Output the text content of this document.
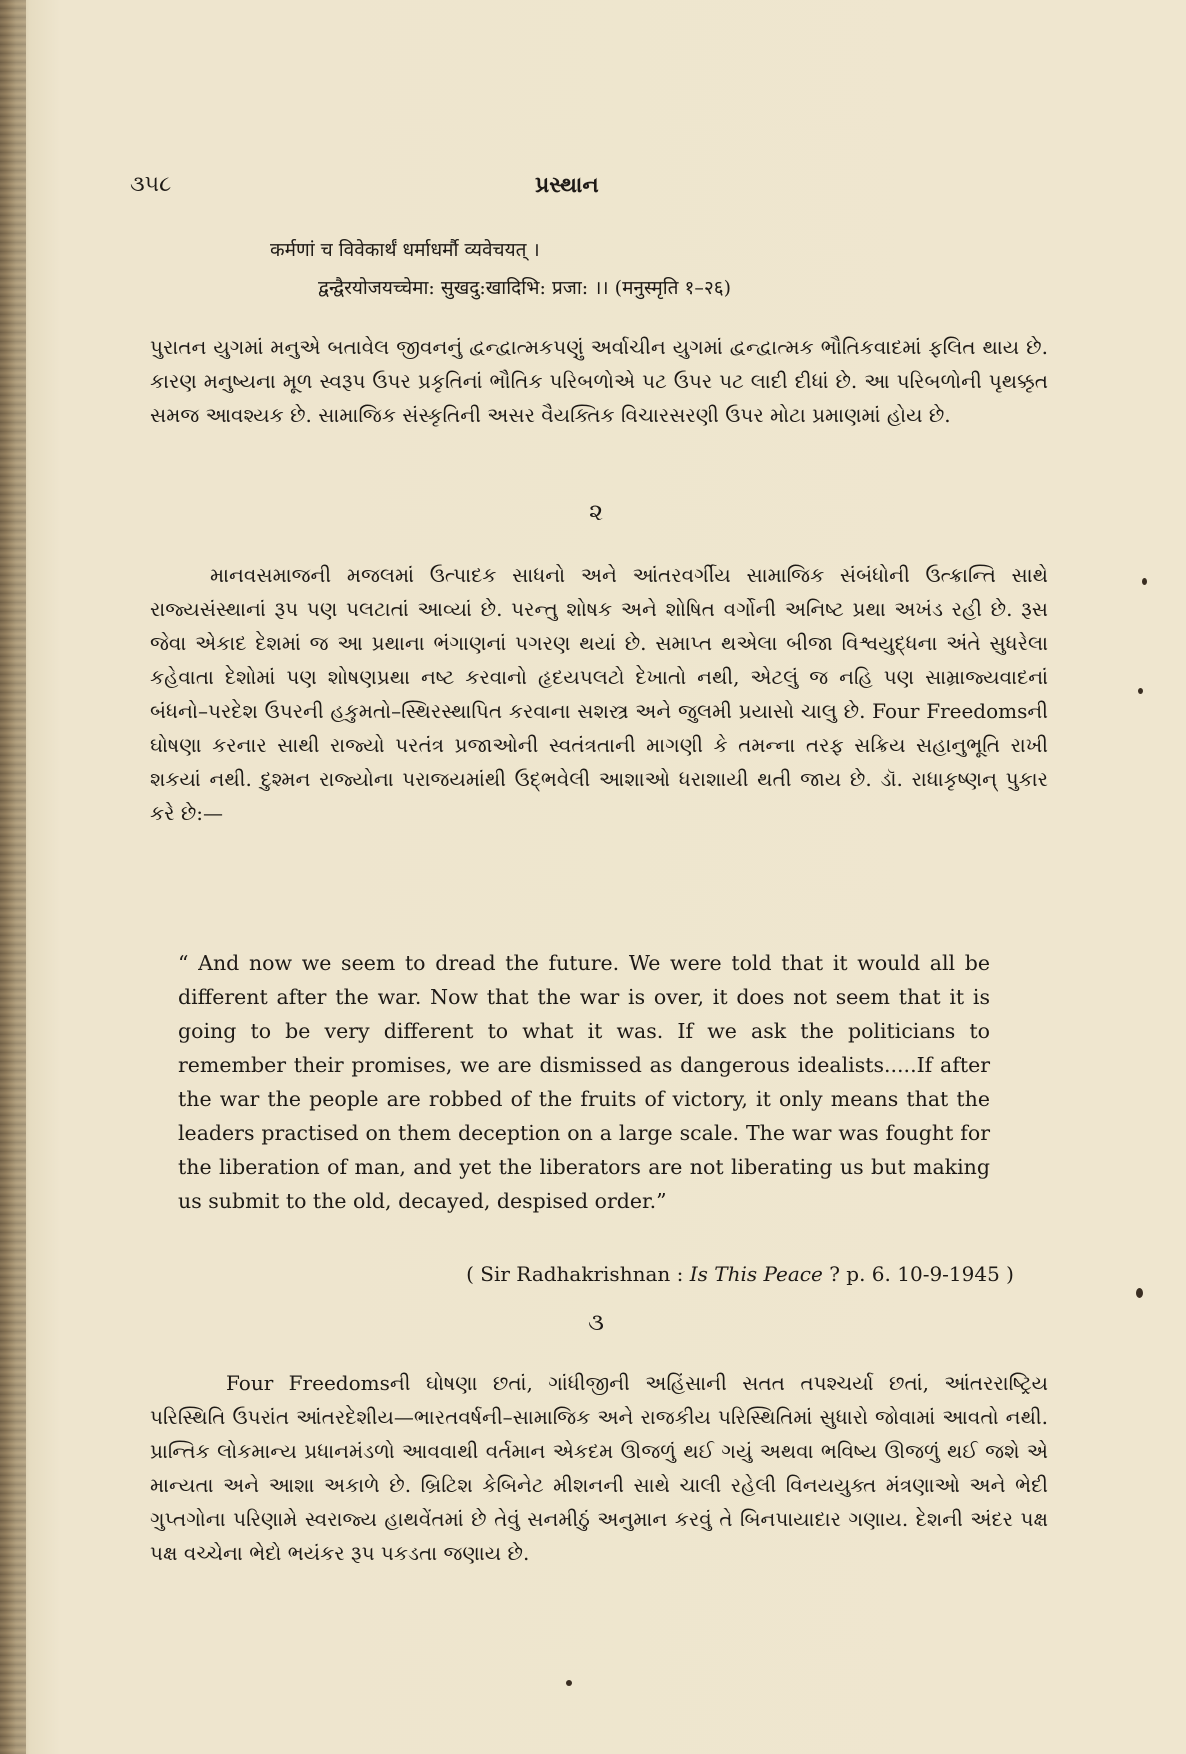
૩૫૮	પ્રસ્થાન
कर्मणां च विवेकार्थं धर्माधर्मौ व्यवेचयत् ।
द्वन्द्वैरयोजयच्चेमा: सुखदु:खादिभि: प्रजा: ।। (मनुस्मृति १–२६)

પુરાતન યુગમાં મનુએ બતાવેલ જીવનનું દ્વન્દ્વાત્મકપણું અર્વાચીન યુગમાં દ્વન્દ્વાત્મક ભૌતિકવાદમાં ફલિત થાય છે. કારણ મનુષ્યના મૂળ સ્વરૂપ ઉપર પ્રકૃતિનાં ભૌતિક પરિબળોએ પટ ઉપર પટ લાદી દીધાં છે. આ પરિબળોની પૃથક્કૃત સમજ આવશ્યક છે. સામાજિક સંસ્કૃતિની અસર વૈયક્તિક વિચારસરણી ઉપર મોટા પ્રમાણમાં હોય છે.

૨

માનવસમાજની મજલમાં ઉત્પાદક સાધનો અને આંતરવર્ગીય સામાજિક સંબંધોની ઉત્ક્રાન્તિ સાથે રાજ્યસંસ્થાનાં રૂપ પણ પલટાતાં આવ્યાં છે. પરન્તુ શોષક અને શોષિત વર્ગોની અનિષ્ટ પ્રથા અખંડ રહી છે. રૂસ જેવા એકાદ દેશમાં જ આ પ્રથાના ભંગાણનાં પગરણ થયાં છે. સમાપ્ત થએલા બીજા વિશ્વયુદ્ધના અંતે સુધરેલા કહેવાતા દેશોમાં પણ શોષણપ્રથા નષ્ટ કરવાનો હૃદયપલટો દેખાતો નથી, એટલું જ નહિ પણ સામ્રાજ્યવાદનાં બંધનો–પરદેશ ઉપરની હકુમતો–સ્થિરસ્થાપિત કરવાના સશસ્ત્ર અને જુલમી પ્રયાસો ચાલુ છે. Four Freedomsની ઘોષણા કરનાર સાથી રાજ્યો પરતંત્ર પ્રજાઓની સ્વતંત્રતાની માગણી કે તમન્ના તરફ સક્રિય સહાનુભૂતિ રાખી શકયાં નથી. દુશ્મન રાજ્યોના પરાજયમાંથી ઉદ્ભવેલી આશાઓ ધરાશાયી થતી જાય છે. ડૉ. રાધાકૃષ્ણન્ પુકાર કરે છે:—

“ And now we seem to dread the future. We were told that it would all be different after the war. Now that the war is over, it does not seem that it is going to be very different to what it was. If we ask the politicians to remember their promises, we are dismissed as dangerous idealists.....If after the war the people are robbed of the fruits of victory, it only means that the leaders practised on them deception on a large scale. The war was fought for the liberation of man, and yet the liberators are not liberating us but making us submit to the old, decayed, despised order.”

( Sir Radhakrishnan : Is This Peace ? p. 6. 10-9-1945 )
૩

Four Freedomsની ઘોષણા છતાં, ગાંધીજીની અહિંસાની સતત તપશ્ચર્યા છતાં, આંતરરાષ્ટ્રિય પરિસ્થિતિ ઉપરાંત આંતરદેશીય—ભારતવર્ષની–સામાજિક અને રાજકીય પરિસ્થિતિમાં સુધારો જોવામાં આવતો નથી. પ્રાન્તિક લોકમાન્ય પ્રધાનમંડળો આવવાથી વર્તમાન એકદમ ઊજળું થઈ ગયું અથવા ભવિષ્ય ઊજળું થઈ જશે એ માન્યતા અને આશા અકાળે છે. બ્રિટિશ કેબિનેટ મીશનની સાથે ચાલી રહેલી વિનયયુક્ત મંત્રણાઓ અને ભેદી ગુપ્તગોના પરિણામે સ્વરાજ્ય હાથવેંતમાં છે તેવું સનમીઠું અનુમાન કરવું તે બિનપાયાદાર ગણાય. દેશની અંદર પક્ષ પક્ષ વચ્ચેના ભેદો ભયંકર રૂપ પકડતા જણાય છે.
